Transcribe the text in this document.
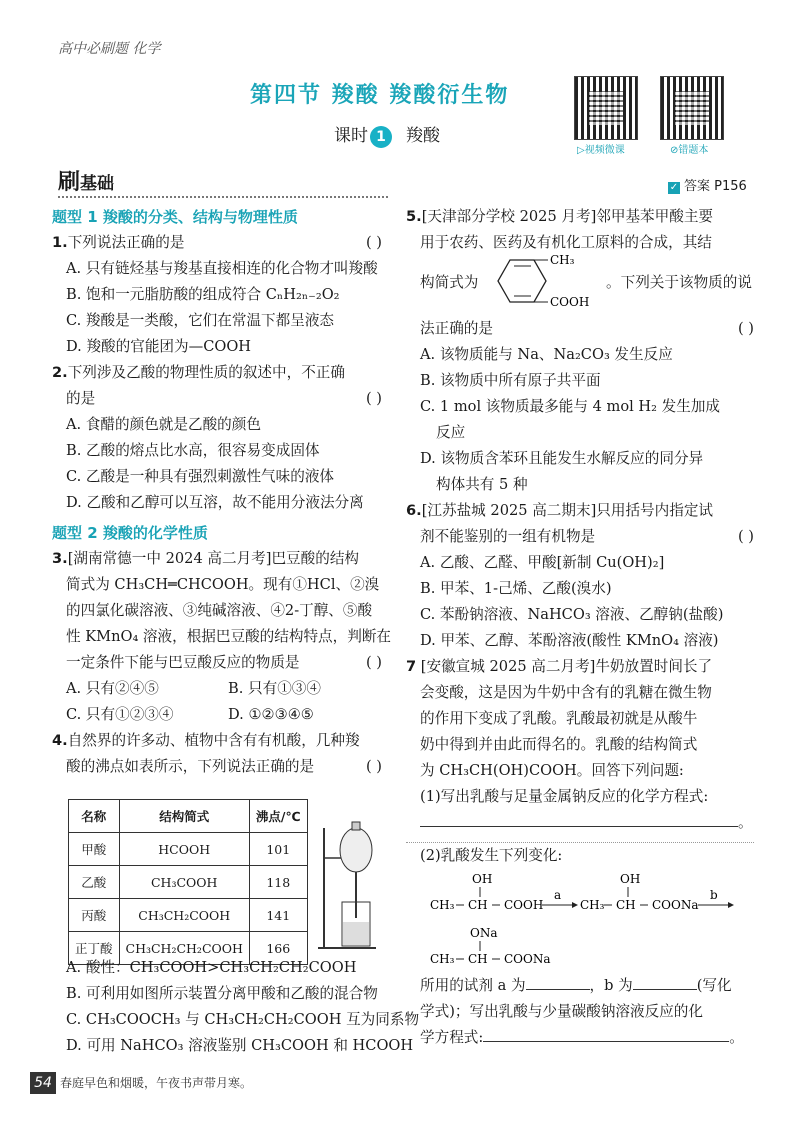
高中必刷题 化学
第四节 羧酸 羧酸衍生物
课时 1 羧酸
▷视频微课	⊘错题本
刷基础	✓ 答案 P156

题型 1 羧酸的分类、结构与物理性质

1.下列说法正确的是	( )

A. 只有链烃基与羧基直接相连的化合物才叫羧酸

B. 饱和一元脂肪酸的组成符合 CₙH₂ₙ₋₂O₂

C. 羧酸是一类酸，它们在常温下都呈液态

D. 羧酸的官能团为—COOH

2.下列涉及乙酸的物理性质的叙述中，不正确

的是	( )

A. 食醋的颜色就是乙酸的颜色

B. 乙酸的熔点比水高，很容易变成固体

C. 乙酸是一种具有强烈刺激性气味的液体

D. 乙酸和乙醇可以互溶，故不能用分液法分离

题型 2 羧酸的化学性质

3.[湖南常德一中 2024 高二月考]巴豆酸的结构

简式为 CH₃CH═CHCOOH。现有①HCl、②溴

的四氯化碳溶液、③纯碱溶液、④2-丁醇、⑤酸

性 KMnO₄ 溶液，根据巴豆酸的结构特点，判断在

一定条件下能与巴豆酸反应的物质是	( )

A. 只有②④⑤	B. 只有①③④

C. 只有①②③④	D. ①②③④⑤

4.自然界的许多动、植物中含有有机酸，几种羧

酸的沸点如表所示，下列说法正确的是	( )

名称	结构简式	沸点/℃
甲酸	HCOOH	101
乙酸	CH₃COOH	118
丙酸	CH₃CH₂COOH	141
正丁酸	CH₃CH₂CH₂COOH	166

A. 酸性：CH₃COOH>CH₃CH₂CH₂COOH

B. 可利用如图所示装置分离甲酸和乙酸的混合物

C. CH₃COOCH₃ 与 CH₃CH₂CH₂COOH 互为同系物

D. 可用 NaHCO₃ 溶液鉴别 CH₃COOH 和 HCOOH

5.[天津部分学校 2025 月考]邻甲基苯甲酸主要

用于农药、医药及有机化工原料的合成，其结

构简式为
CH₃
COOH
。下列关于该物质的说

法正确的是	( )

A. 该物质能与 Na、Na₂CO₃ 发生反应

B. 该物质中所有原子共平面

C. 1 mol 该物质最多能与 4 mol H₂ 发生加成

反应

D. 该物质含苯环且能发生水解反应的同分异

构体共有 5 种

6.[江苏盐城 2025 高二期末]只用括号内指定试

剂不能鉴别的一组有机物是	( )

A. 乙酸、乙醛、甲酸[新制 Cu(OH)₂]

B. 甲苯、1-己烯、乙酸(溴水)

C. 苯酚钠溶液、NaHCO₃ 溶液、乙醇钠(盐酸)

D. 甲苯、乙醇、苯酚溶液(酸性 KMnO₄ 溶液)

7 [安徽宣城 2025 高二月考]牛奶放置时间长了

会变酸，这是因为牛奶中含有的乳糖在微生物

的作用下变成了乳酸。乳酸最初就是从酸牛

奶中得到并由此而得名的。乳酸的结构简式

为 CH₃CH(OH)COOH。回答下列问题:

(1)写出乳酸与足量金属钠反应的化学方程式:

。

(2)乳酸发生下列变化:

OH
CH₃ CH COOH
a
OH
CH₃ CH COONa
b
ONa
CH₃ CH COONa

所用的试剂 a 为	，b 为	(写化

学式)；写出乳酸与少量碳酸钠溶液反应的化

学方程式:	。

54 春庭早色和烟暖，午夜书声带月寒。
